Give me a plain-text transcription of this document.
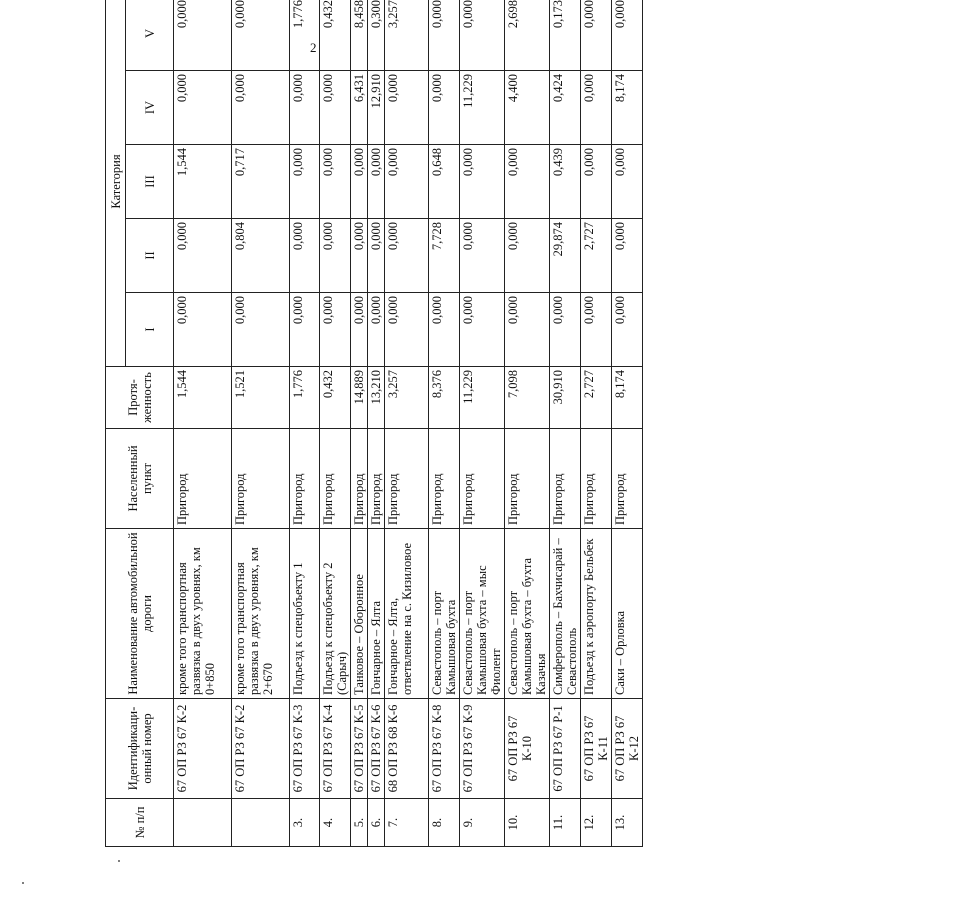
2
№ п/п	Идентификаци-онный номер	Наименование автомобильной дороги	Населенный пункт	Протя-женность	Категория				
					I	II	III	IV	V
	67 ОП РЗ 67 К-2	кроме того транспортная развязка в двух уровнях, км 0+850	Пригород	1,544	0,000	0,000	1,544	0,000	0,000
	67 ОП РЗ 67 К-2	кроме того транспортная развязка в двух уровнях, км 2+670	Пригород	1,521	0,000	0,804	0,717	0,000	0,000
3.	67 ОП РЗ 67 К-3	Подъезд к спецобъекту 1	Пригород	1,776	0,000	0,000	0,000	0,000	1,776
4.	67 ОП РЗ 67 К-4	Подъезд к спецобъекту 2 (Сарыч)	Пригород	0,432	0,000	0,000	0,000	0,000	0,432
5.	67 ОП РЗ 67 К-5	Танковое – Оборонное	Пригород	14,889	0,000	0,000	0,000	6,431	8,458
6.	67 ОП РЗ 67 К-6	Гончарное – Ялта	Пригород	13,210	0,000	0,000	0,000	12,910	0,300
7.	68 ОП РЗ 68 К-6	Гончарное – Ялта, ответвление на с. Кизиловое	Пригород	3,257	0,000	0,000	0,000	0,000	3,257
8.	67 ОП РЗ 67 К-8	Севастополь – порт Камышовая бухта	Пригород	8,376	0,000	7,728	0,648	0,000	0,000
9.	67 ОП РЗ 67 К-9	Севастополь – порт Камышовая бухта – мыс Фиолент	Пригород	11,229	0,000	0,000	0,000	11,229	0,000
10.	67 ОП РЗ 67 К-10	Севастополь – порт Камышовая бухта – бухта Казачья	Пригород	7,098	0,000	0,000	0,000	4,400	2,698
11.	67 ОП РЗ 67 Р-1	Симферополь – Бахчисарай – Севастополь	Пригород	30,910	0,000	29,874	0,439	0,424	0,173
12.	67 ОП РЗ 67 К-11	Подъезд к аэропорту Бельбек	Пригород	2,727	0,000	2,727	0,000	0,000	0,000
13.	67 ОП РЗ 67 К-12	Саки – Орловка	Пригород	8,174	0,000	0,000	0,000	8,174	0,000
